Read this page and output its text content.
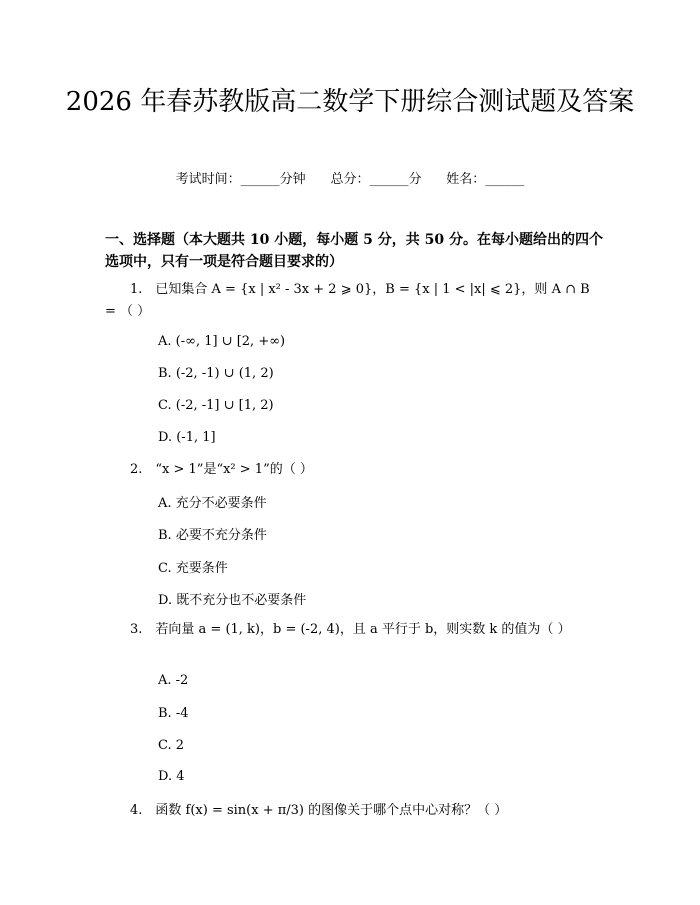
2026 年春苏教版高二数学下册综合测试题及答案
考试时间：______分钟 总分：______分 姓名：______
一、选择题（本大题共 10 小题，每小题 5 分，共 50 分。在每小题给出的四个选项中，只有一项是符合题目要求的）
1.　已知集合 A = {x | x² - 3x + 2 ⩾ 0}，B = {x | 1 < |x| ⩽ 2}，则 A ∩ B = （ ）
A. (-∞, 1] ∪ [2, +∞)
B. (-2, -1) ∪ (1, 2)
C. (-2, -1] ∪ [1, 2)
D. (-1, 1]
2.　“x > 1”是“x² > 1”的（ ）
A. 充分不必要条件
B. 必要不充分条件
C. 充要条件
D. 既不充分也不必要条件
3.　若向量 a = (1, k)，b = (-2, 4)，且 a 平行于 b，则实数 k 的值为（ ）
A. -2
B. -4
C. 2
D. 4
4.　函数 f(x) = sin(x + π/3) 的图像关于哪个点中心对称？（ ）
